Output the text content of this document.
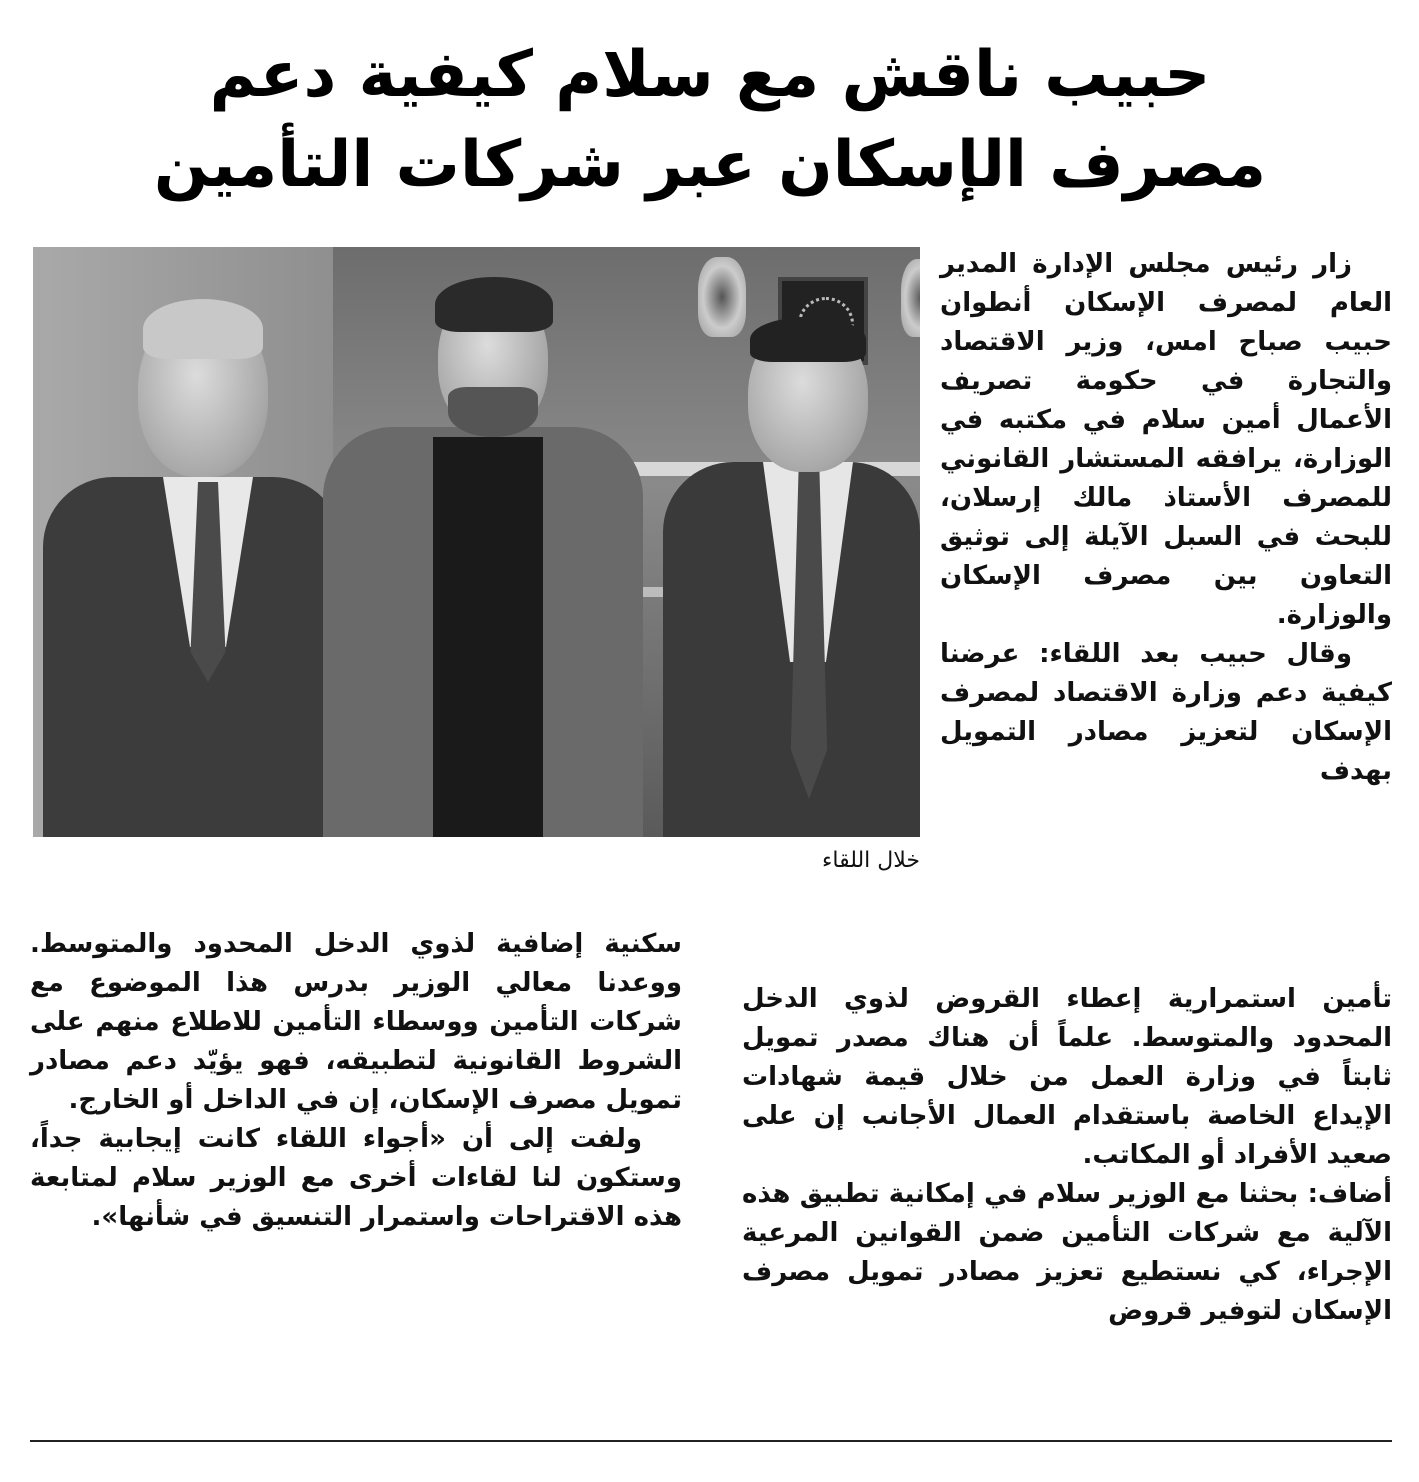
حبيب ناقش مع سلام كيفية دعم
مصرف الإسكان عبر شركات التأمين
خلال اللقاء

زار رئيس مجلس الإدارة المدير العام لمصرف الإسكان أنطوان حبيب صباح امس، وزير الاقتصاد والتجارة في حكومة تصريف الأعمال أمين سلام في مكتبه في الوزارة، يرافقه المستشار القانوني للمصرف الأستاذ مالك إرسلان، للبحث في السبل الآيلة إلى توثيق التعاون بين مصرف الإسكان والوزارة.

وقال حبيب بعد اللقاء: عرضنا كيفية دعم وزارة الاقتصاد لمصرف الإسكان لتعزيز مصادر التمويل بهدف

تأمين استمرارية إعطاء القروض لذوي الدخل المحدود والمتوسط. علماً أن هناك مصدر تمويل ثابتاً في وزارة العمل من خلال قيمة شهادات الإيداع الخاصة باستقدام العمال الأجانب إن على صعيد الأفراد أو المكاتب.

أضاف: بحثنا مع الوزير سلام في إمكانية تطبيق هذه الآلية مع شركات التأمين ضمن القوانين المرعية الإجراء، كي نستطيع تعزيز مصادر تمويل مصرف الإسكان لتوفير قروض

سكنية إضافية لذوي الدخل المحدود والمتوسط. ووعدنا معالي الوزير بدرس هذا الموضوع مع شركات التأمين ووسطاء التأمين للاطلاع منهم على الشروط القانونية لتطبيقه، فهو يؤيّد دعم مصادر تمويل مصرف الإسكان، إن في الداخل أو الخارج.

ولفت إلى أن «أجواء اللقاء كانت إيجابية جداً، وستكون لنا لقاءات أخرى مع الوزير سلام لمتابعة هذه الاقتراحات واستمرار التنسيق في شأنها».
